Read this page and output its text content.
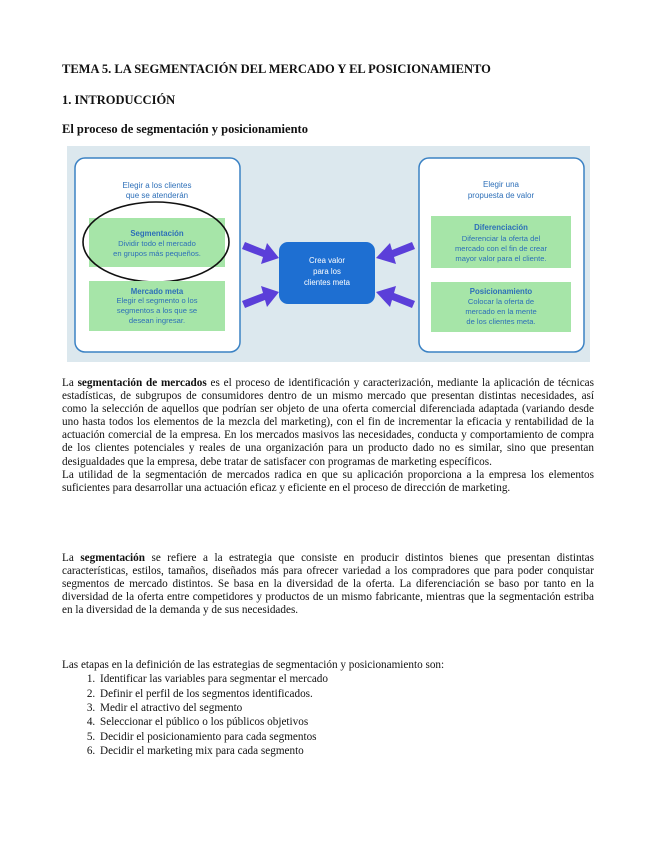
TEMA 5. LA SEGMENTACIÓN DEL MERCADO Y EL POSICIONAMIENTO

1. INTRODUCCIÓN

El proceso de segmentación y posicionamiento

Elegir a los clientes
que se atenderán
Segmentación
Dividir todo el mercado
en grupos más pequeños.
Mercado meta
Elegir el segmento o los
segmentos a los que se
desean ingresar.
Crea valor
para los
clientes meta
Elegir una
propuesta de valor
Diferenciación
Diferenciar la oferta del
mercado con el fin de crear
mayor valor para el cliente.
Posicionamiento
Colocar la oferta de
mercado en la mente
de los clientes meta.
La segmentación de mercados es el proceso de identificación y caracterización, mediante la aplicación de técnicas estadísticas, de subgrupos de consumidores dentro de un mismo mercado que presentan distintas necesidades, así como la selección de aquellos que podrían ser objeto de una oferta comercial diferenciada adaptada (variando desde uno hasta todos los elementos de la mezcla del marketing), con el fin de incrementar la eficacia y rentabilidad de la actuación comercial de la empresa. En los mercados masivos las necesidades, conducta y comportamiento de compra de los clientes potenciales y reales de una organización para un producto dado no es similar, sino que presentan desigualdades que la empresa, debe tratar de satisfacer con programas de marketing específicos.
La utilidad de la segmentación de mercados radica en que su aplicación proporciona a la empresa los elementos suficientes para desarrollar una actuación eficaz y eficiente en el proceso de dirección de marketing.
La segmentación se refiere a la estrategia que consiste en producir distintos bienes que presentan distintas características, estilos, tamaños, diseñados más para ofrecer variedad a los compradores que para poder conquistar segmentos de mercado distintos. Se basa en la diversidad de la oferta. La diferenciación se baso por tanto en la diversidad de la oferta entre competidores y productos de un mismo fabricante, mientras que la segmentación estriba en la diversidad de la demanda y de sus necesidades.
Las etapas en la definición de las estrategias de segmentación y posicionamiento son:
1. Identificar las variables para segmentar el mercado
2. Definir el perfil de los segmentos identificados.
3. Medir el atractivo del segmento
4. Seleccionar el público o los públicos objetivos
5. Decidir el posicionamiento para cada segmentos
6. Decidir el marketing mix para cada segmento
